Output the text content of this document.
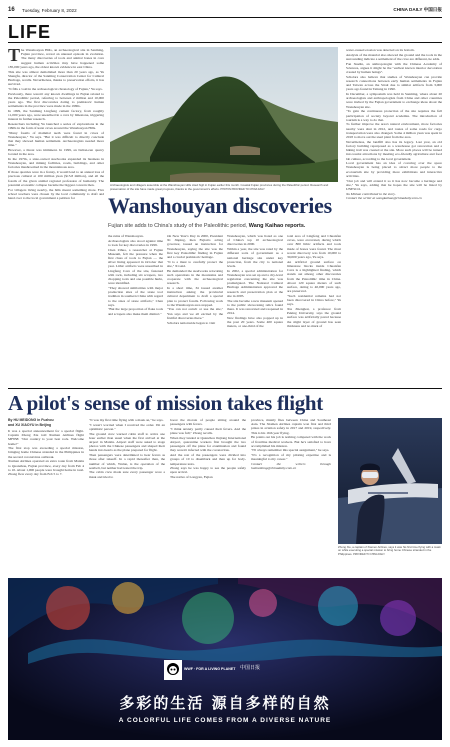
16 Tuesday, February 8, 2022	CHINA DAILY 中国日报
LIFE
T he Wanshouyan Hills, an archaeological site in Sanming, Fujian province, reveal an unusual episode in evolution. The many discoveries of tools and animal bones in cave suggest human activities may have happened some 185,000 years ago, the oldest known evidence in east China.

This site was almost demolished more than 20 years ago, as Yu Shengfu, director of the Sanming Conservation Center for Cultural Heritage, recalls. Nevertheless, thanks to preservation efforts, it has survived.

"It fills a void in the archaeological chronology of Fujian," Yu says.

Previously, there weren't any known dwellings in Fujian related to the Paleolithic period, referring to between 2 million and 10,000 years ago. The first discoveries dating to prehistoric human settlements in the province were made in the 1980s.

In 1999, the Sanming Lingfeng cement factory, from roughly 11,000 years ago, were unearthed in a cave by limestone, triggering interest in further research.

Researchers including Yu launched a series of explorations in the 1990s in the form of karst caves around the Wanshouyan Hills.

"Many fossils of mammal teeth were found in caves of Wanshouyan," Yu says. "But it was difficult to directly conclude that they showed human settlement. Archaeologists needed more time."

However, a threat was imminent. In 1999, an Italian-run quarry located in the area.

In the 1970s, a state-owned steelworks expanded its business in Wanshouyan, and mining facilities, roads, buildings, and other factories mushroomed in the mountainous area.

If those quarries were in a frenzy, it would lead to an annual loss of precious cultural at 100 million yuan ($15.8 million), and all the fossils of the given animal regional profession of humanity. The potential economic collapse became the biggest concern then.

For villagers living nearby, the hills meant something more. Five school teachers were chosen by the local community to draft and hand over to the local government a petition for

Archaeologists and villagers assemble at the Wanshouyan Hills cited high in Fujian earlier this month. Coastal Fujian provinces during the Paleolithic period. Research and preservation of the site have made great progress, thanks to the government's efforts. PHOTOS PROVIDED TO CHINA DAILY
Wanshouyan discoveries
Fujian site adds to China's study of the Paleolithic period, Wang Kaihao reports.

the ruins of Wanshouyan.

Archaeologists also stood against time to look for key discoveries in 1999.

Chen Zihua, a researcher at Fujian Museum, felt the pressure when the first clues of tools to Fujian — the silver lining appeared in October that year. Lithic artifacts were unearthed in Lingfeng Cave of the site, fastened with rock, including six scrapers, two chopping tools and one possible hurin, were identified.

"They showed similarities with major production sites of the stone tool tradition in southern China with regard to the sizes of stone artifacts," Chen says.

"But the large proportion of flake tools and scrapers also make them distinct."

On New Year's Day in 2000, President Xi Jinping, then Fujian's acting governor, issued an instruction for Wanshouyan, saying the site was the first key Paleolithic finding in Fujian and a crucial prehistoric heritage.

"It is a must to carefully protect the site," Xi said.

He demanded the steelworks relocating such operations in the mountains and cooperate with the archaeological research.

In a short time, Xi issued another instruction asking the provincial cultural department to draft a special plan to protect fossils. Following work to the Wanshouyan area stopped.

"You can not outwit or use the site," Yan says and we all excited by the fruitful discoveries there."

Scholars nationwide began to visit

Wanshouyan, which was listed as one of China's top 10 archaeological discoveries in 2000.

Within a year, the site was rated by the different sorts of government as a national heritage site under key protection, from the city to national levels.

In 2002, a special administration for Wanshouyan was set up and a city-level regulation concerning the site was promulgated. The National Cultural Heritage Administration approved the research and preservation plan at the site in 2005.

The site became a new museum opened to the public showcasing relics found there. It was renovated and reopened in 2014.

New findings have also popped up in the past 20 years. Some 400 square meters, or one-third of the

total area of Lingfeng and Chuanfan caves, were excavated, during which over 800 lithic artifacts and tools made of bones were found. The most recent discovery was from 10,000 to 30,000 years ago, Yu says.

An artificial ground surface on limestone blocks inside Chuanfan Cave is a highlighted finding, which stands out among other discoveries from the Paleolithic time in China. About 120 square meters of such surface, dating to 40,000 years ago, are preserved.

"Such residential remains had not been discovered in China before," Yu says.

Xia Zhengkai, a professor from Peking University, says the ground surface was artificially paved because the slight layer of ground has seen thickness and no mark of

water-caused erosion was detected on its bottom.

Analysis of the material also showed the ground and the tools in the surrounding indicate a settlement of the cave are different, he adds.

Fan Xuelin, an anthropologist with the Chinese Academy of Sciences, argues it might be the "earliest known interior decoration created by human beings".

Scholars also believe that studies of Wanshouyan can provide research connections between early human settlements in Fujian and Taiwan across the Strait due to similar artifacts from 3,000 years ago found in Taitung in 1990.

In December, a symposium was held in Sanming, where about 20 archaeologists and anthropologists from China and other countries were invited by the Fujian government to exchange ideas about the Wanshouyan site.

"To gain the continuous protection of the site requires the full participation of society beyond academia. The introduction of tourism is a way to do that.

To further improve the area's natural environment, more factories nearby were shut in 2012, and routes of some roads for cargo transportation were also changed. Some 4 million yuan was spent in 2018 to move out the steel plant from the area.

Nevertheless, the landfill also has its legacy. Last year, an old factory building repurposed as a warehouse got renovation and a hiking trail was created at the site. More such places will be turned into tourist attractions by meeting eco-friendly agriculture and food lab culture, according to the local government.

Local government has an idea of covering over the space Wanshouyan is being placed to attract more people to the ecotourism site by providing more exhibitions and interactive activities.

"Our job and will extend it so it has now become a heritage and site," Yu says, adding that he hopes the site will be listed by UNESCO.

Xu Mishan contributed to the story.

Contact the writer at wangkaihao@chinadaily.com.cn

A pilot's sense of mission takes flight

By HU MEIDONG in Fuzhou

and XU XIAOYU in Beijing

It was a special announcement for a special flight. Captain Zhong Xie told Xiamen Airlines flight MF858: "Our country is your best rock. Welcome home!"

The first stop was exceeding a special mission, bringing home Chinese stranded in the Philippines in the second coronavirus outbreak.

Xiamen Airlines operated an extra route from Manila to Quanzhou, Fujian province, every day from Feb 4 to 10. About 1,000 people were brought home in total.

Zhong flew every day from Feb 5 to 7.

"It was my first time flying with a mask on," he says.

"I wasn't worried when I received the order. I'm an optimistic person."

The ground crew warned cabin staff to arrive one hour earlier than usual when the first arrived at the airport in Manila. Airport staff were asked to stage photos with the Chinese passengers and shaped their hands into hearts as the plane prepared for flight.

Then passengers were determined to hear fevers as those after takeoff. In a rapid thereafter then, the number of which, Wulan, is the operation of the seatbelt, but neither had tested the trip.

The cabin crew made sure every passenger wore a mask and tried to

boost the morale of people sitting around the passengers with fevers.

"I think anxiety partly caused their fevers. And the plane was full," Zhong recalls.

When they landed at Quanzhou Jinjiang International Airport, quarantine workers first brought the two passengers off the plane for examination and found they weren't infected with the coronavirus.

And the rest of the passengers were divided into groups of 10 to disembark and then up for body-temperature tests.

Zhong says he was happy to see the people safely upon arrival.

The native of Longyan, Fujian

province, mainly flies between China and Southeast Asia. The Xiamen Airlines captain won first and third prizes in aviation safety in 2017 and 2019, respectively. This is his 16th year flying.

He points out his job is nothing compared with the work of frontline medical workers. But he's satisfied to have accomplished his mission.

"I'll always remember this special assignment," he says.

"It's a recognition of my piloting expertise and is meaningful to my career."

Contact the writers through huimeidong@chinadaily.com.cn

Zhong Xie, a captain of Xiamen Airlines, says it was his first time flying with a mask on while executing a special mission to bring home Chinese stranded in the Philippines. PROVIDED TO CHINA DAILY
WWF · FOR A LIVING PLANET 中国日报
多彩的生活 源自多样的自然
A COLORFUL LIFE COMES FROM A DIVERSE NATURE
